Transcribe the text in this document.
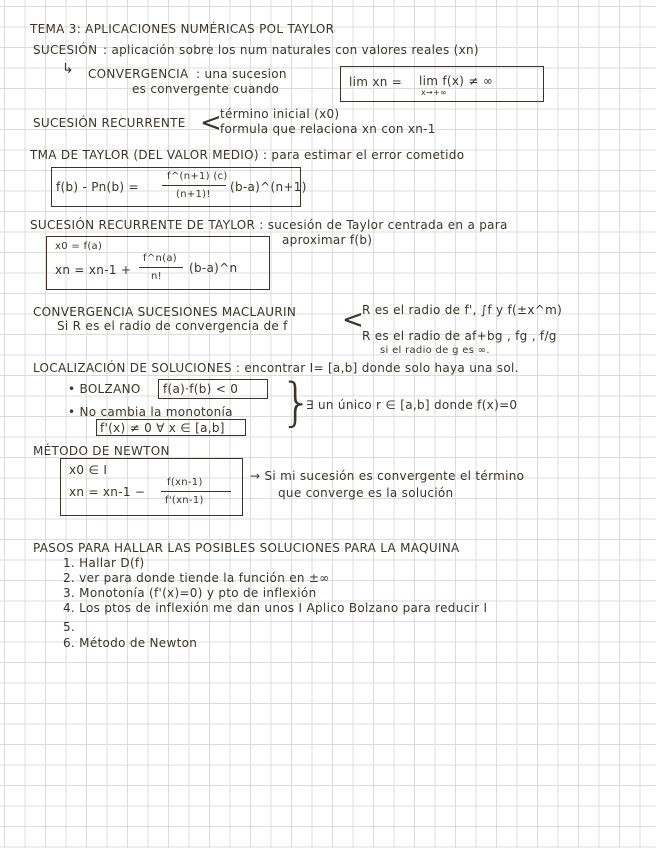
TEMA 3: APLICACIONES NUMÉRICAS POL TAYLOR
SUCESIÓN : aplicación sobre los num naturales con valores reales (xn)
↳ CONVERGENCIA : una sucesion
es convergente cuando	lim xn = lim f(x) ≠ ∞
x→+∞
SUCESIÓN RECURRENTE <
término inicial (x0)
formula que relaciona xn con xn-1
TMA DE TAYLOR (DEL VALOR MEDIO) : para estimar el error cometido
f(b) - Pn(b) =
f^(n+1) (c)
(n+1)!
(b-a)^(n+1)
SUCESIÓN RECURRENTE DE TAYLOR : sucesión de Taylor centrada en a para
aproximar f(b)
x0 = f(a)
xn = xn-1 +
f^n(a)
n!
(b-a)^n
CONVERGENCIA SUCESIONES MACLAURIN
Si R es el radio de convergencia de f <
R es el radio de f', ∫f y f(±x^m)
R es el radio de af+bg , fg , f/g
si el radio de g es ∞.
LOCALIZACIÓN DE SOLUCIONES : encontrar I= [a,b] donde solo haya una sol.
• BOLZANO f(a)·f(b) < 0
• No cambia la monotonía
f'(x) ≠ 0 ∀ x ∈ [a,b] }
∃ un único r ∈ [a,b] donde f(x)=0
MÉTODO DE NEWTON
x0 ∈ I
xn = xn-1 −
f(xn-1)
f'(xn-1)
→ Si mi sucesión es convergente el término
que converge es la solución
PASOS PARA HALLAR LAS POSIBLES SOLUCIONES PARA LA MAQUINA
1. Hallar D(f)
2. ver para donde tiende la función en ±∞
3. Monotonía (f'(x)=0) y pto de inflexión
4. Los ptos de inflexión me dan unos I Aplico Bolzano para reducir I
5.
6. Método de Newton
